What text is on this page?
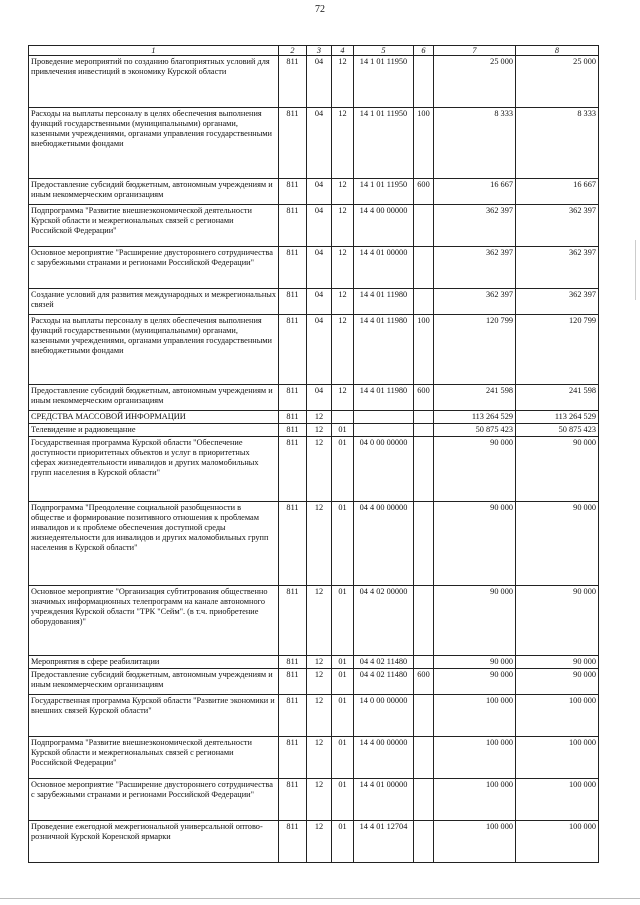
72
1	2	3	4	5	6	7	8
Проведение мероприятий по созданию благоприятных условий для привлечения инвестиций в экономику Курской области	811	04	12	14 1 01 11950		25 000	25 000
Расходы на выплаты персоналу в целях обеспечения выполнения функций государственными (муниципальными) органами, казенными учреждениями, органами управления государственными внебюджетными фондами	811	04	12	14 1 01 11950	100	8 333	8 333
Предоставление субсидий бюджетным, автономным учреждениям и иным некоммерческим организациям	811	04	12	14 1 01 11950	600	16 667	16 667
Подпрограмма "Развитие внешнеэкономической деятельности Курской области и межрегиональных связей с регионами Российской Федерации"	811	04	12	14 4 00 00000		362 397	362 397
Основное мероприятие "Расширение двустороннего сотрудничества с зарубежными странами и регионами Российской Федерации"	811	04	12	14 4 01 00000		362 397	362 397
Создание условий для развития международных и межрегиональных связей	811	04	12	14 4 01 11980		362 397	362 397
Расходы на выплаты персоналу в целях обеспечения выполнения функций государственными (муниципальными) органами, казенными учреждениями, органами управления государственными внебюджетными фондами	811	04	12	14 4 01 11980	100	120 799	120 799
Предоставление субсидий бюджетным, автономным учреждениям и иным некоммерческим организациям	811	04	12	14 4 01 11980	600	241 598	241 598
СРЕДСТВА МАССОВОЙ ИНФОРМАЦИИ	811	12				113 264 529	113 264 529
Телевидение и радиовещание	811	12	01			50 875 423	50 875 423
Государственная программа Курской области "Обеспечение доступности приоритетных объектов и услуг в приоритетных сферах жизнедеятельности инвалидов и других маломобильных групп населения в Курской области"	811	12	01	04 0 00 00000		90 000	90 000
Подпрограмма "Преодоление социальной разобщенности в обществе и формирование позитивного отношения к проблемам инвалидов и к проблеме обеспечения доступной среды жизнедеятельности для инвалидов и других маломобильных групп населения в Курской области"	811	12	01	04 4 00 00000		90 000	90 000
Основное мероприятие "Организация субтитрования общественно значимых информационных телепрограмм на канале автономного учреждения Курской области "ТРК "Сейм". (в т.ч. приобретение оборудования)"	811	12	01	04 4 02 00000		90 000	90 000
Мероприятия в сфере реабилитации	811	12	01	04 4 02 11480		90 000	90 000
Предоставление субсидий бюджетным, автономным учреждениям и иным некоммерческим организациям	811	12	01	04 4 02 11480	600	90 000	90 000
Государственная программа Курской области "Развитие экономики и внешних связей Курской области"	811	12	01	14 0 00 00000		100 000	100 000
Подпрограмма "Развитие внешнеэкономической деятельности Курской области и межрегиональных связей с регионами Российской Федерации"	811	12	01	14 4 00 00000		100 000	100 000
Основное мероприятие "Расширение двустороннего сотрудничества с зарубежными странами и регионами Российской Федерации"	811	12	01	14 4 01 00000		100 000	100 000
Проведение ежегодной межрегиональной универсальной оптово-розничной Курской Коренской ярмарки	811	12	01	14 4 01 12704		100 000	100 000
